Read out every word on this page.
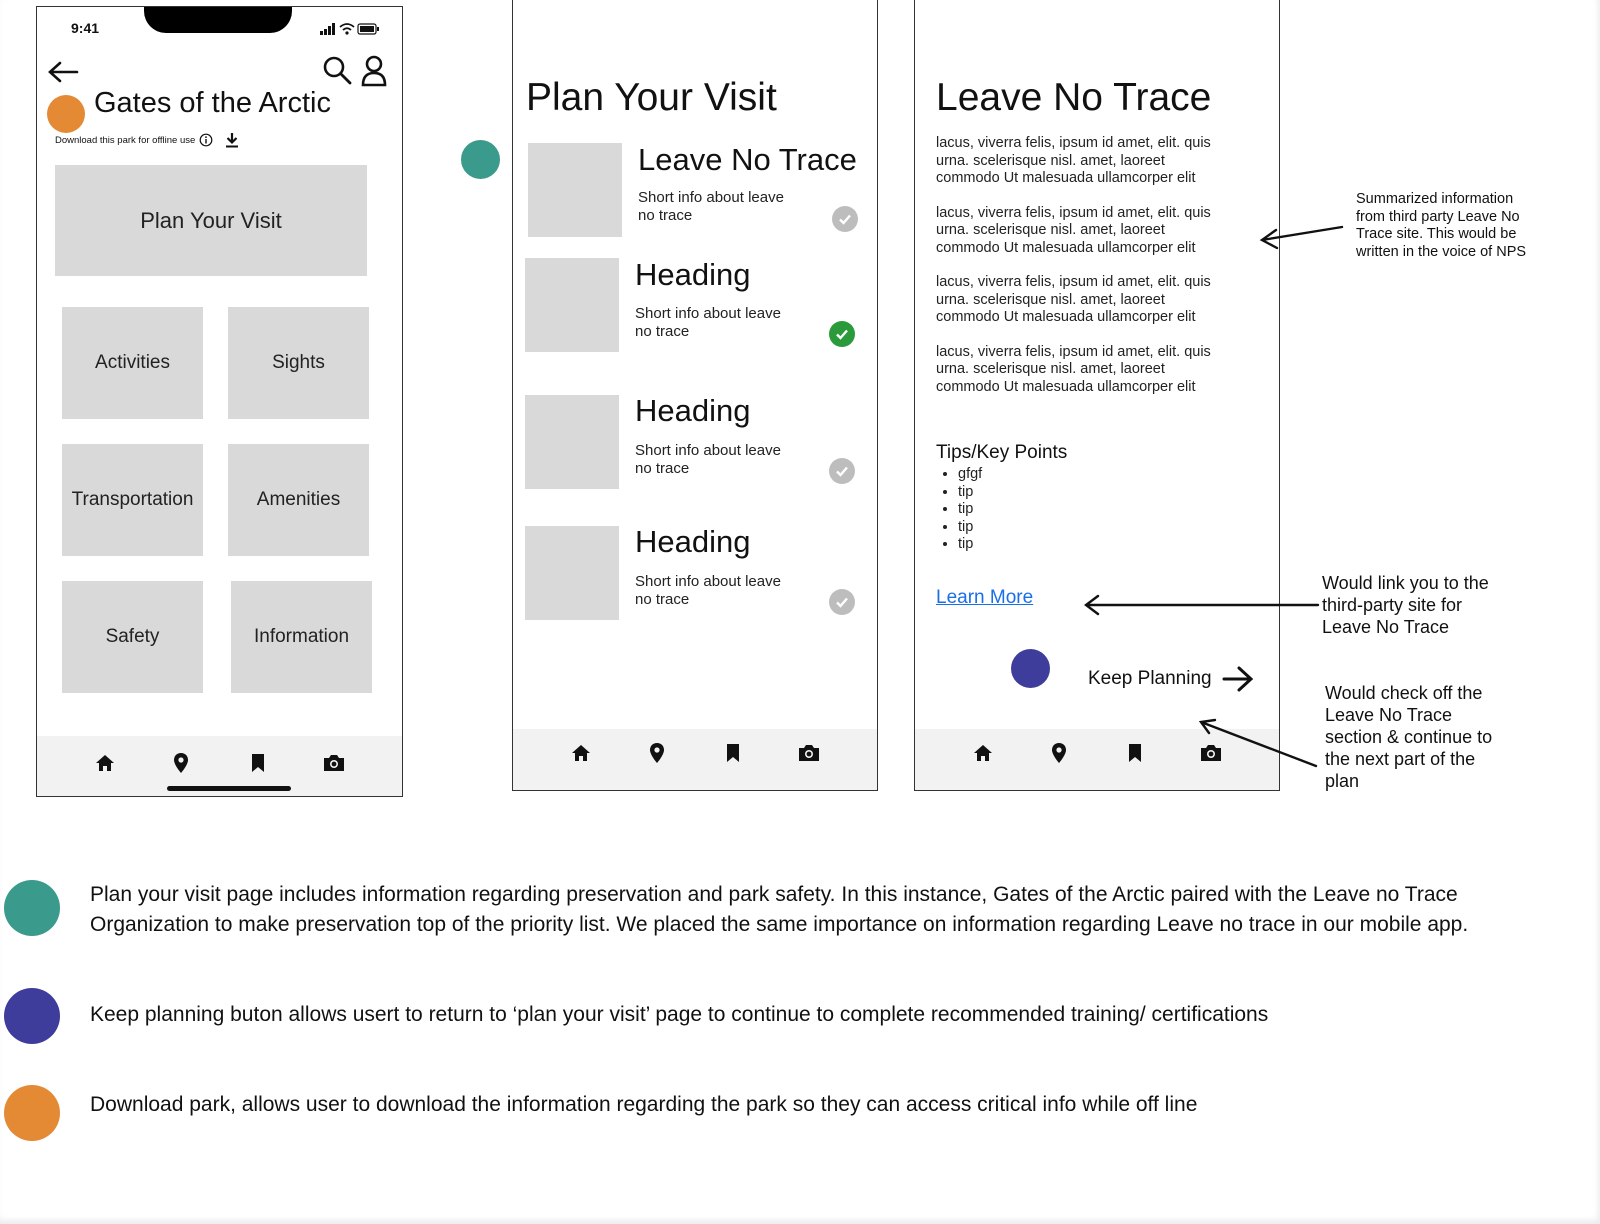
9:41
Gates of the Arctic
Download this park for offline use
Plan Your Visit
Activities	Sights
Transportation	Amenities
Safety	Information
Plan Your Visit
Leave No Trace
Short info about leave
no trace
Heading
Short info about leave
no trace
Heading
Short info about leave
no trace
Heading
Short info about leave
no trace
Leave No Trace

lacus, viverra felis, ipsum id amet, elit. quis
urna. scelerisque nisl. amet, laoreet
commodo Ut malesuada ullamcorper elit

lacus, viverra felis, ipsum id amet, elit. quis
urna. scelerisque nisl. amet, laoreet
commodo Ut malesuada ullamcorper elit

lacus, viverra felis, ipsum id amet, elit. quis
urna. scelerisque nisl. amet, laoreet
commodo Ut malesuada ullamcorper elit

lacus, viverra felis, ipsum id amet, elit. quis
urna. scelerisque nisl. amet, laoreet
commodo Ut malesuada ullamcorper elit

Tips/Key Points
• gfgf
• tip
• tip
• tip
• tip
Learn More
Keep Planning
Summarized information
from third party Leave No
Trace site. This would be
written in the voice of NPS
Would link you to the
third-party site for
Leave No Trace
Would check off the
Leave No Trace
section & continue to
the next part of the
plan
Plan your visit page includes information regarding preservation and park safety. In this instance, Gates of the Arctic paired with the Leave no Trace
Organization to make preservation top of the priority list. We placed the same importance on information regarding Leave no trace in our mobile app.
Keep planning buton allows usert to return to ‘plan your visit’ page to continue to complete recommended training/ certifications
Download park, allows user to download the information regarding the park so they can access critical info while off line
